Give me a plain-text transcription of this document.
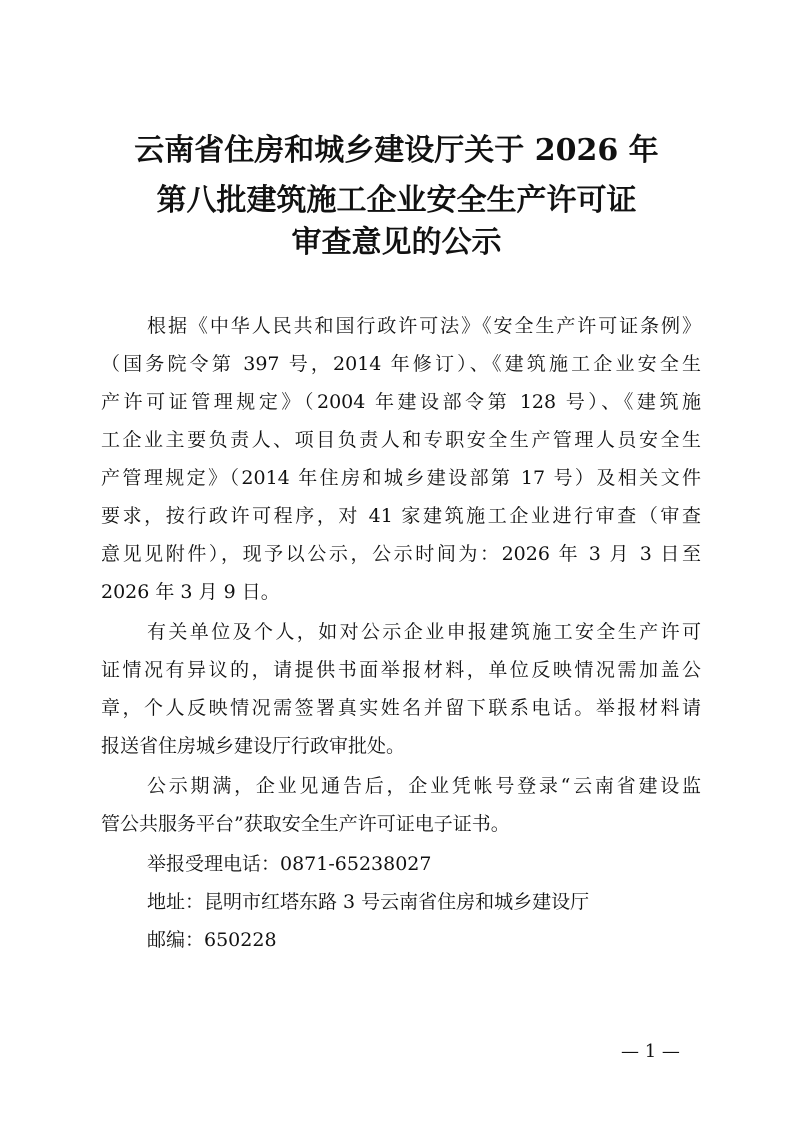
云南省住房和城乡建设厅关于 2026 年
第八批建筑施工企业安全生产许可证
审查意见的公示
根据《中华人民共和国行政许可法》《安全生产许可证条例》
（国务院令第 397 号，2014 年修订）、《建筑施工企业安全生
产许可证管理规定》（2004 年建设部令第 128 号）、《建筑施
工企业主要负责人、项目负责人和专职安全生产管理人员安全生
产管理规定》（2014 年住房和城乡建设部第 17 号）及相关文件
要求，按行政许可程序，对 41 家建筑施工企业进行审查（审查
意见见附件），现予以公示，公示时间为：2026 年 3 月 3 日至
2026 年 3 月 9 日。
有关单位及个人，如对公示企业申报建筑施工安全生产许可
证情况有异议的，请提供书面举报材料，单位反映情况需加盖公
章，个人反映情况需签署真实姓名并留下联系电话。举报材料请
报送省住房城乡建设厅行政审批处。
公示期满，企业见通告后，企业凭帐号登录“云南省建设监
管公共服务平台”获取安全生产许可证电子证书。
举报受理电话：0871-65238027
地址：昆明市红塔东路 3 号云南省住房和城乡建设厅
邮编：650228
— 1 —
